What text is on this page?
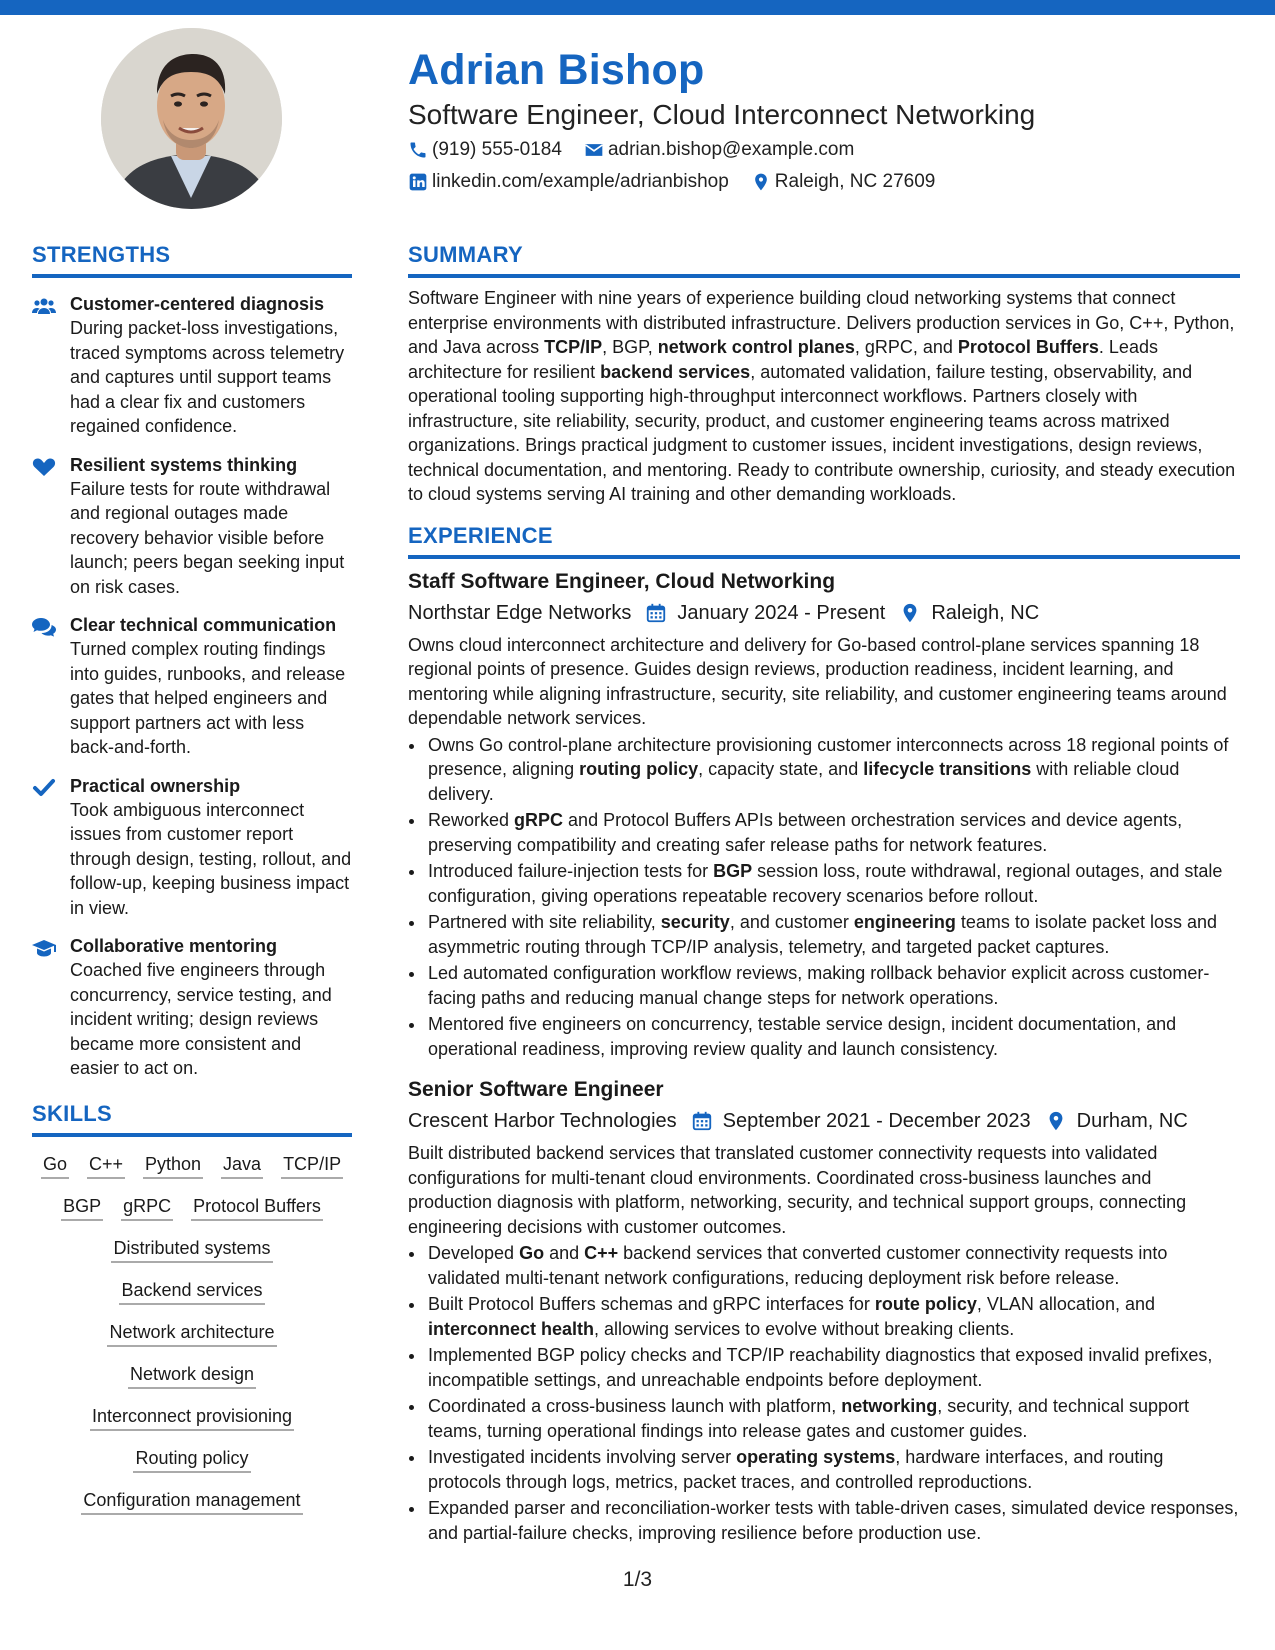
Adrian Bishop
Software Engineer, Cloud Interconnect Networking
(919) 555-0184 adrian.bishop@example.com
linkedin.com/example/adrianbishop Raleigh, NC 27609
STRENGTHS
Customer-centered diagnosis
During packet-loss investigations, traced symptoms across telemetry and captures until support teams had a clear fix and customers regained confidence.
Resilient systems thinking
Failure tests for route withdrawal and regional outages made recovery behavior visible before launch; peers began seeking input on risk cases.
Clear technical communication
Turned complex routing findings into guides, runbooks, and release gates that helped engineers and support partners act with less back-and-forth.
Practical ownership
Took ambiguous interconnect issues from customer report through design, testing, rollout, and follow-up, keeping business impact in view.
Collaborative mentoring
Coached five engineers through concurrency, service testing, and incident writing; design reviews became more consistent and easier to act on.
SKILLS
Go C++ Python Java TCP/IP
BGP gRPC Protocol Buffers
Distributed systems
Backend services
Network architecture
Network design
Interconnect provisioning
Routing policy
Configuration management
SUMMARY
Software Engineer with nine years of experience building cloud networking systems that connect enterprise environments with distributed infrastructure. Delivers production services in Go, C++, Python, and Java across TCP/IP, BGP, network control planes, gRPC, and Protocol Buffers. Leads architecture for resilient backend services, automated validation, failure testing, observability, and operational tooling supporting high-throughput interconnect workflows. Partners closely with infrastructure, site reliability, security, product, and customer engineering teams across matrixed organizations. Brings practical judgment to customer issues, incident investigations, design reviews, technical documentation, and mentoring. Ready to contribute ownership, curiosity, and steady execution to cloud systems serving AI training and other demanding workloads.
EXPERIENCE
Staff Software Engineer, Cloud Networking
Northstar Edge Networks January 2024 - Present Raleigh, NC
Owns cloud interconnect architecture and delivery for Go-based control-plane services spanning 18 regional points of presence. Guides design reviews, production readiness, incident learning, and mentoring while aligning infrastructure, security, site reliability, and customer engineering teams around dependable network services.
• Owns Go control-plane architecture provisioning customer interconnects across 18 regional points of presence, aligning routing policy, capacity state, and lifecycle transitions with reliable cloud delivery.
• Reworked gRPC and Protocol Buffers APIs between orchestration services and device agents, preserving compatibility and creating safer release paths for network features.
• Introduced failure-injection tests for BGP session loss, route withdrawal, regional outages, and stale configuration, giving operations repeatable recovery scenarios before rollout.
• Partnered with site reliability, security, and customer engineering teams to isolate packet loss and asymmetric routing through TCP/IP analysis, telemetry, and targeted packet captures.
• Led automated configuration workflow reviews, making rollback behavior explicit across customer-facing paths and reducing manual change steps for network operations.
• Mentored five engineers on concurrency, testable service design, incident documentation, and operational readiness, improving review quality and launch consistency.
Senior Software Engineer
Crescent Harbor Technologies September 2021 - December 2023 Durham, NC
Built distributed backend services that translated customer connectivity requests into validated configurations for multi-tenant cloud environments. Coordinated cross-business launches and production diagnosis with platform, networking, security, and technical support groups, connecting engineering decisions with customer outcomes.
• Developed Go and C++ backend services that converted customer connectivity requests into validated multi-tenant network configurations, reducing deployment risk before release.
• Built Protocol Buffers schemas and gRPC interfaces for route policy, VLAN allocation, and interconnect health, allowing services to evolve without breaking clients.
• Implemented BGP policy checks and TCP/IP reachability diagnostics that exposed invalid prefixes, incompatible settings, and unreachable endpoints before deployment.
• Coordinated a cross-business launch with platform, networking, security, and technical support teams, turning operational findings into release gates and customer guides.
• Investigated incidents involving server operating systems, hardware interfaces, and routing protocols through logs, metrics, packet traces, and controlled reproductions.
• Expanded parser and reconciliation-worker tests with table-driven cases, simulated device responses, and partial-failure checks, improving resilience before production use.
1/3
